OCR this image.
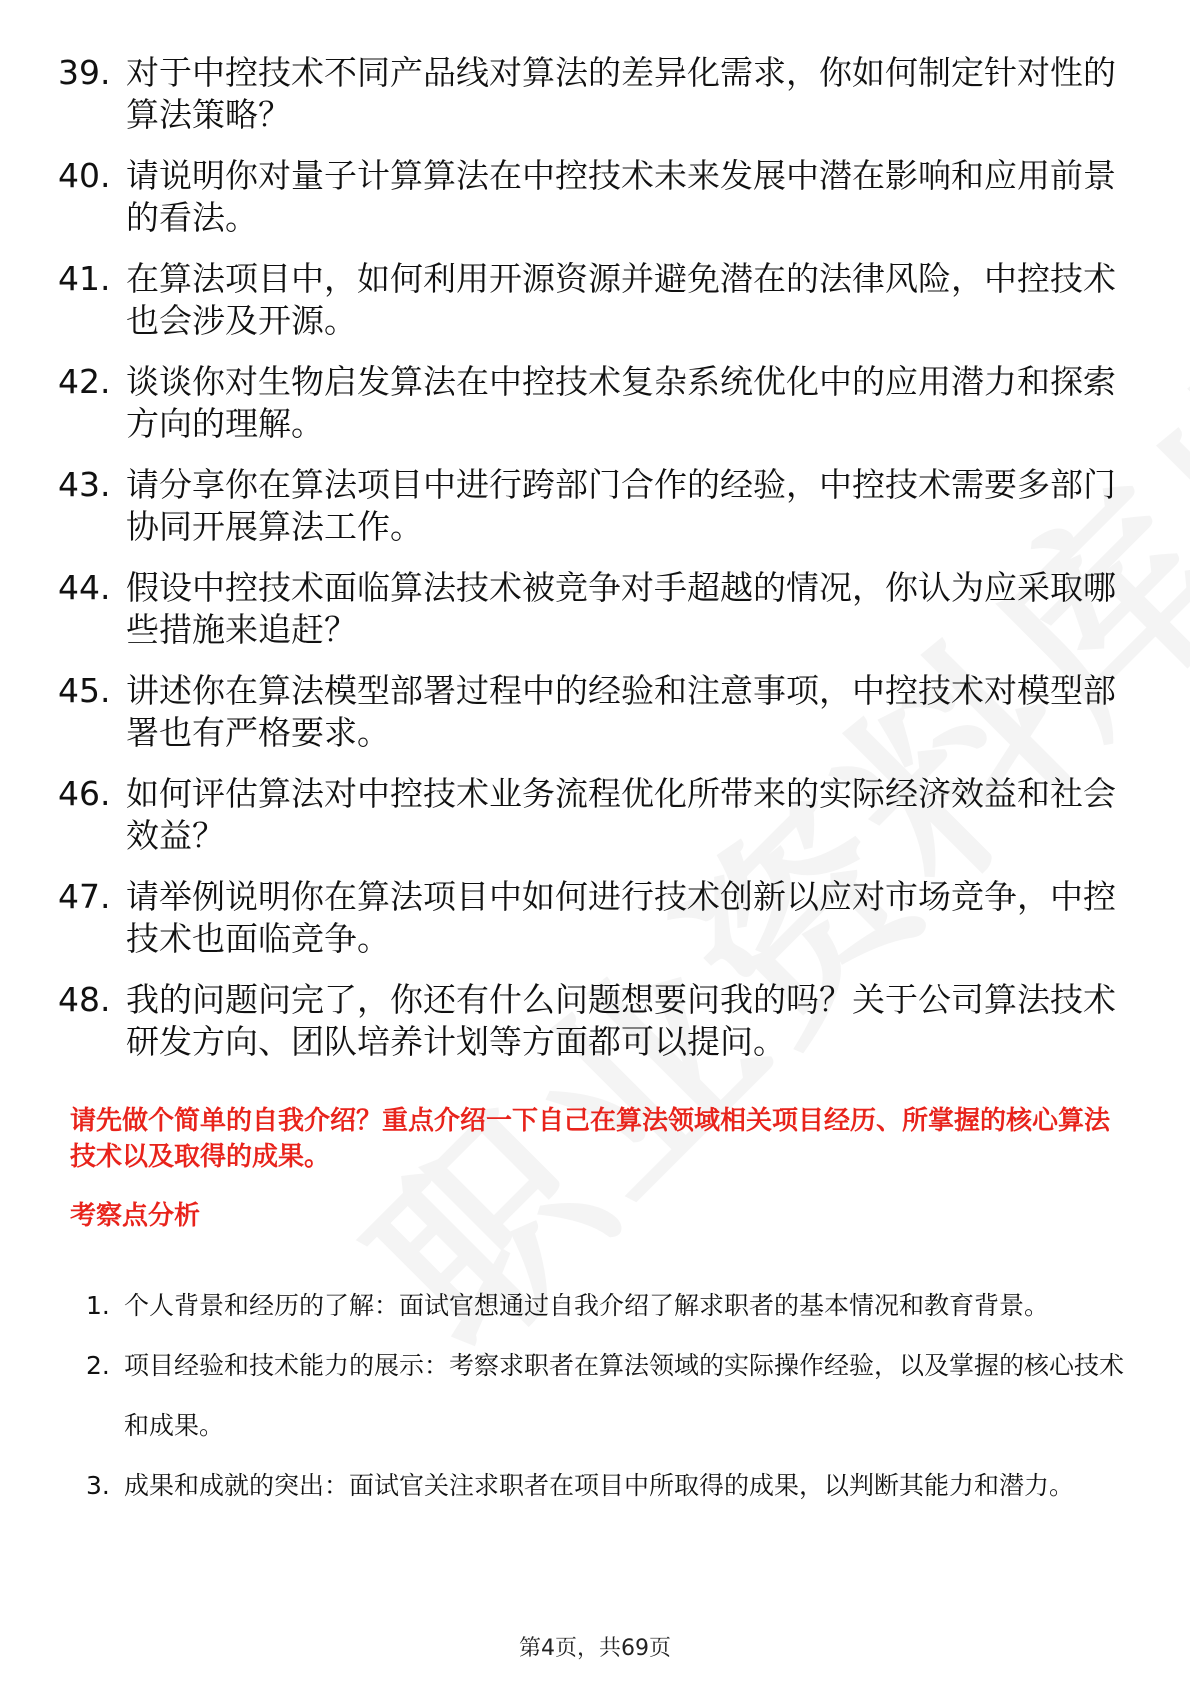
39. 对于中控技术不同产品线对算法的差异化需求，你如何制定针对性的算法策略？
40. 请说明你对量子计算算法在中控技术未来发展中潜在影响和应用前景的看法。
41. 在算法项目中，如何利用开源资源并避免潜在的法律风险，中控技术也会涉及开源。
42. 谈谈你对生物启发算法在中控技术复杂系统优化中的应用潜力和探索方向的理解。
43. 请分享你在算法项目中进行跨部门合作的经验，中控技术需要多部门协同开展算法工作。
44. 假设中控技术面临算法技术被竞争对手超越的情况，你认为应采取哪些措施来追赶？
45. 讲述你在算法模型部署过程中的经验和注意事项，中控技术对模型部署也有严格要求。
46. 如何评估算法对中控技术业务流程优化所带来的实际经济效益和社会效益？
47. 请举例说明你在算法项目中如何进行技术创新以应对市场竞争，中控技术也面临竞争。
48. 我的问题问完了，你还有什么问题想要问我的吗？关于公司算法技术研发方向、团队培养计划等方面都可以提问。
请先做个简单的自我介绍？重点介绍一下自己在算法领域相关项目经历、所掌握的核心算法技术以及取得的成果。
考察点分析
1. 个人背景和经历的了解：面试官想通过自我介绍了解求职者的基本情况和教育背景。
2. 项目经验和技术能力的展示：考察求职者在算法领域的实际操作经验，以及掌握的核心技术和成果。
3. 成果和成就的突出：面试官关注求职者在项目中所取得的成果，以判断其能力和潜力。
第4页，共69页
